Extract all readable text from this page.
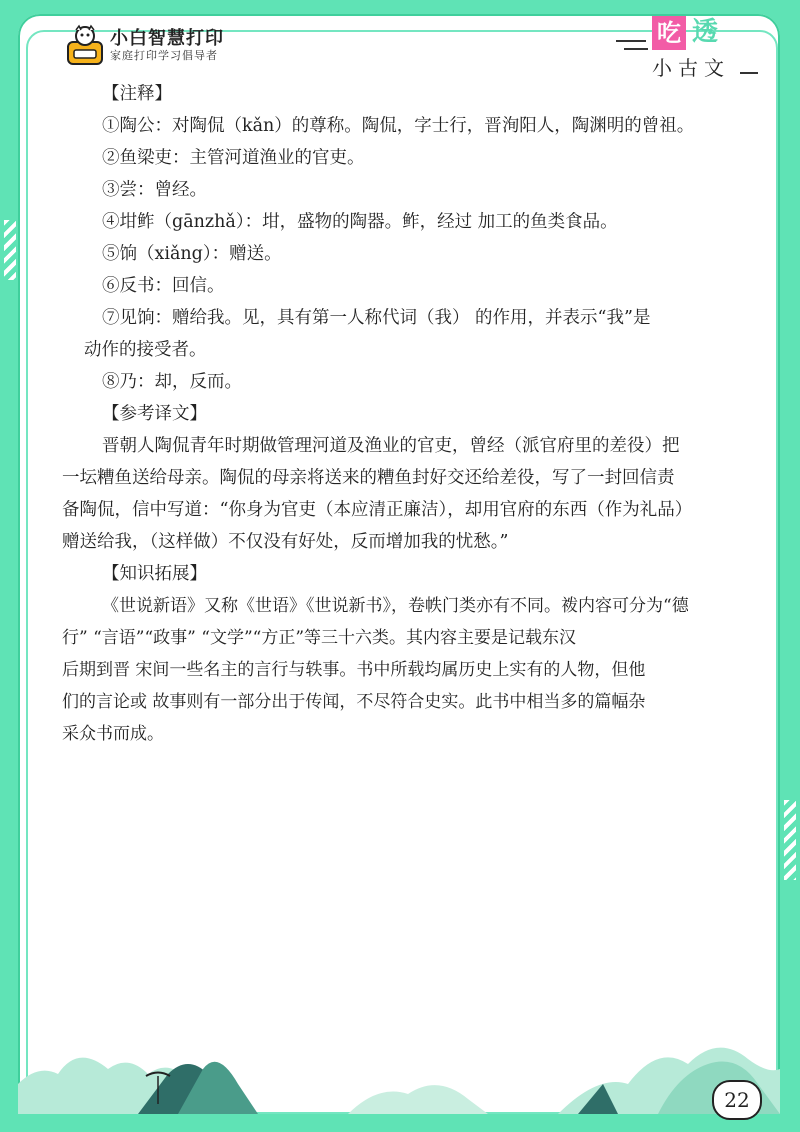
小白智慧打印
家庭打印学习倡导者
吃 透
小古文
【注释】
①陶公：对陶侃（kǎn）的尊称。陶侃，字士行，晋洵阳人，陶渊明的曾祖。
②鱼梁吏：主管河道渔业的官吏。
③尝：曾经。
④坩鲊（gānzhǎ）：坩，盛物的陶器。鲊，经过 加工的鱼类食品。
⑤饷（xiǎng）：赠送。
⑥反书：回信。
⑦见饷：赠给我。见，具有第一人称代词（我） 的作用，并表示“我”是
动作的接受者。
⑧乃：却，反而。
【参考译文】
晋朝人陶侃青年时期做管理河道及渔业的官吏，曾经（派官府里的差役）把
一坛糟鱼送给母亲。陶侃的母亲将送来的糟鱼封好交还给差役，写了一封回信责
备陶侃，信中写道：“你身为官吏（本应清正廉洁），却用官府的东西（作为礼品）
赠送给我，（这样做）不仅没有好处，反而增加我的忧愁。”
【知识拓展】
《世说新语》又称《世语》《世说新书》，卷帙门类亦有不同。袯内容可分为“德
行” “言语”“政事” “文学”“方正”等三十六类。其内容主要是记载东汉
后期到晋 宋间一些名主的言行与轶事。书中所载均属历史上实有的人物，但他
们的言论或 故事则有一部分出于传闻，不尽符合史实。此书中相当多的篇幅杂
采众书而成。
22
